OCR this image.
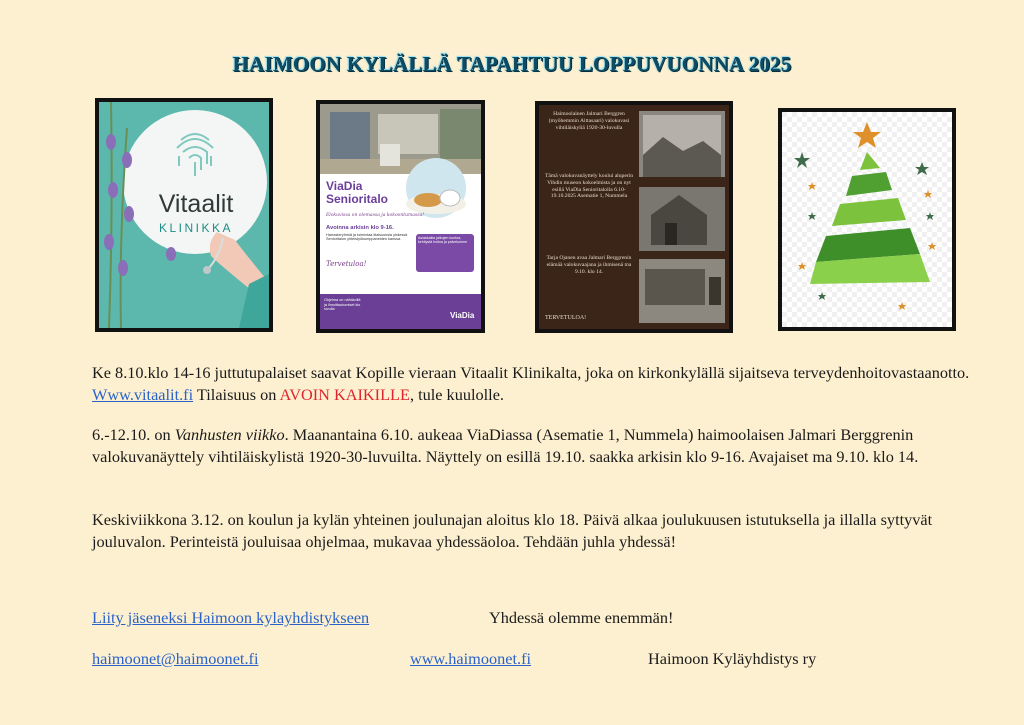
HAIMOON KYLÄLLÄ TAPAHTUU LOPPUVUONNA 2025
Vitaalit
KLINIKKA
ViaDia
Senioritalo
Elokuvissa on olemassa ja kokoontumassa!
Avoinna arkisin klo 9-16.
Harrasteryhmiä ja toimintaa tilaisuuksia yhdessä Senioritalon yhteistyökumppaneiden kanssa.
Tervetuloa!
Asiakkailta jalkojen kuntoa, kehitystä hoitoa ja palvelumme
Ohjelma on nähtävillä ja ilmoittautumiset klo sivulla
ViaDia
Haimoolainen Jalmari Berggren (myöhemmin Aittasaari) valokuvasi vihtiläiskyliä 1920-30-luvulla
Tämä valokuvanäyttely koului aluperin Vihdin museon kokoelmista ja on nyt esillä ViaDia Senioritalolla 6.10-19.10.2025 Asematie 1, Nummela
Tarja Ojanen avaa Jalmari Berggrenin elämää valokuvaajana ja ihmisenä ma 9.10. klo 14.
TERVETULOA!
Ke 8.10.klo 14-16 juttutupalaiset saavat Kopille vieraan Vitaalit Klinikalta, joka on kirkonkylällä sijaitseva terveydenhoitovastaanotto. Www.vitaalit.fi Tilaisuus on AVOIN KAIKILLE, tule kuulolle.
6.-12.10. on Vanhusten viikko. Maanantaina 6.10. aukeaa ViaDiassa (Asematie 1, Nummela) haimoolaisen Jalmari Berggrenin valokuvanäyttely vihtiläiskylistä 1920-30-luvuilta. Näyttely on esillä 19.10. saakka arkisin klo 9-16. Avajaiset ma 9.10. klo 14.
Keskiviikkona 3.12. on koulun ja kylän yhteinen joulunajan aloitus klo 18. Päivä alkaa joulukuusen istutuksella ja illalla syttyvät jouluvalon. Perinteistä jouluisaa ohjelmaa, mukavaa yhdessäoloa. Tehdään juhla yhdessä!
Liity jäseneksi Haimoon kylayhdistykseen	Yhdessä olemme enemmän!
haimoonet@haimoonet.fi	www.haimoonet.fi	Haimoon Kyläyhdistys ry
